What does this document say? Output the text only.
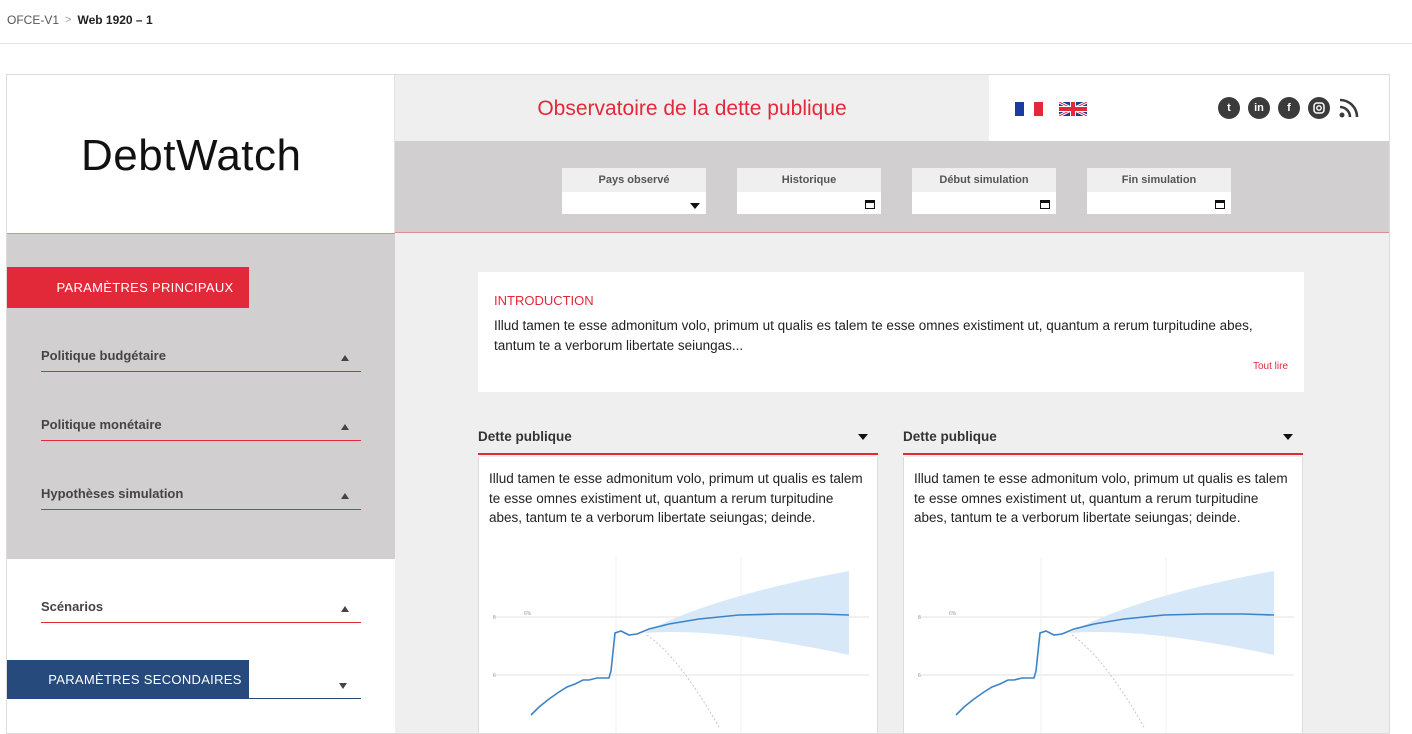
OFCE-V1 > Web 1920 – 1
DebtWatch
Observatoire de la dette publique	t	in	f
Pays observé	Historique	Début simulation	Fin simulation
PARAMÈTRES PRINCIPAUX
Politique budgétaire
Politique monétaire
Hypothèses simulation
Scénarios
PARAMÈTRES SECONDAIRES
INTRODUCTION
Illud tamen te esse admonitum volo, primum ut qualis es talem te esse omnes existiment ut, quantum a rerum turpitudine abes, tantum te a verborum libertate seiungas...
Tout lire
Dette publique
Illud tamen te esse admonitum volo, primum ut qualis es talem te esse omnes existiment ut, quantum a rerum turpitudine abes, tantum te a verborum libertate seiungas; deinde.
8
6
6%
Dette publique
Illud tamen te esse admonitum volo, primum ut qualis es talem te esse omnes existiment ut, quantum a rerum turpitudine abes, tantum te a verborum libertate seiungas; deinde.
8
6
6%
